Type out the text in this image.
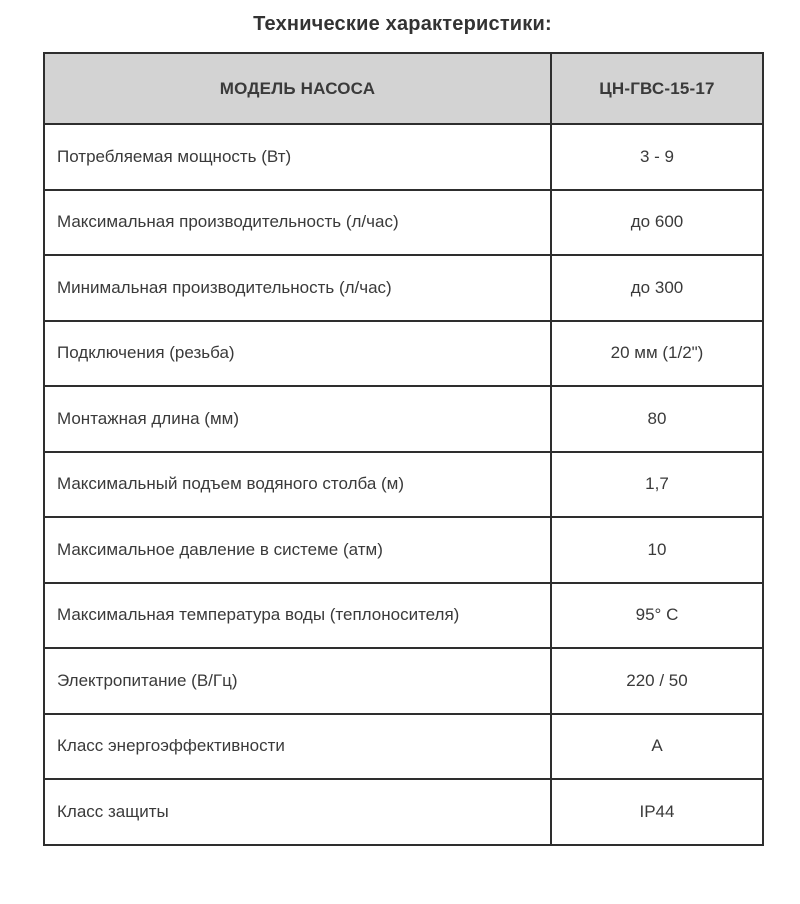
Технические характеристики:
МОДЕЛЬ НАСОСА	ЦН-ГВС-15-17
Потребляемая мощность (Вт)	3 - 9
Максимальная производительность (л/час)	до 600
Минимальная производительность (л/час)	до 300
Подключения (резьба)	20 мм (1/2")
Монтажная длина (мм)	80
Максимальный подъем водяного столба (м)	1,7
Максимальное давление в системе (атм)	10
Максимальная температура воды (теплоносителя)	95° C
Электропитание (В/Гц)	220 / 50
Класс энергоэффективности	А
Класс защиты	IP44
